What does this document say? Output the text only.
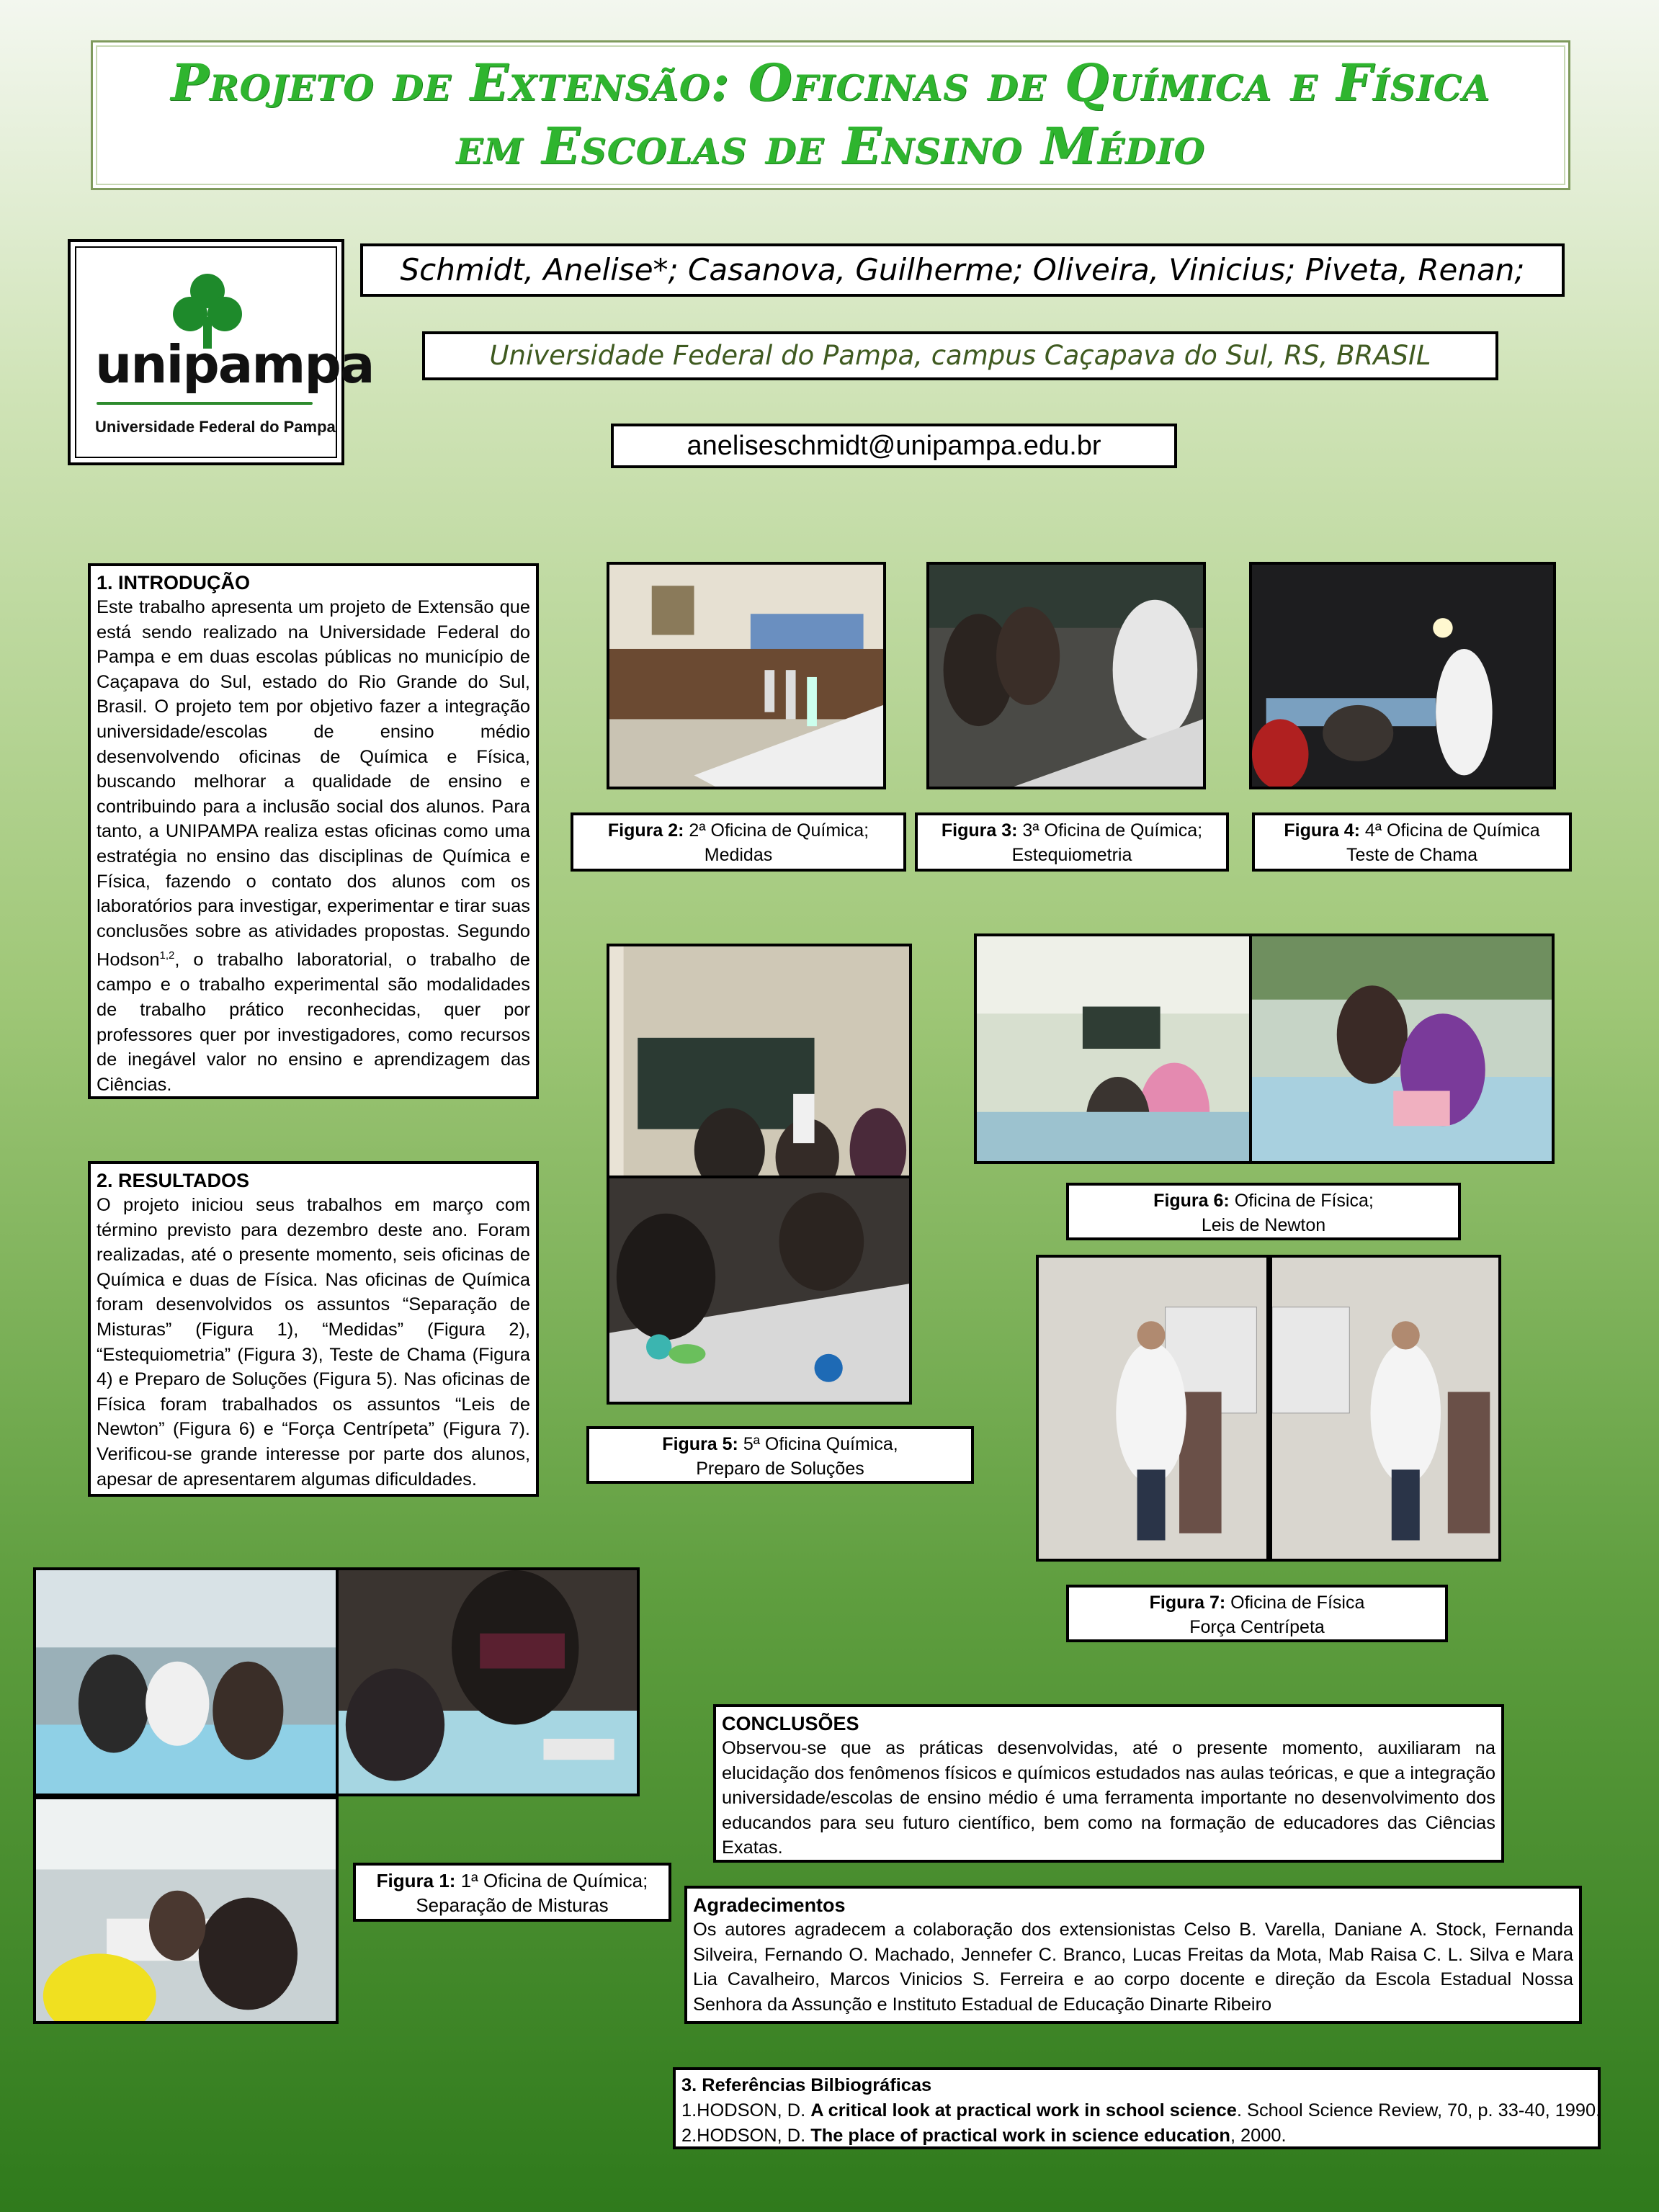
Projeto de Extensão: Oficinas de Química e Física
em Escolas de Ensino Médio
unipampa
Universidade Federal do Pampa
Schmidt, Anelise*; Casanova, Guilherme; Oliveira, Vinicius; Piveta, Renan;
Universidade Federal do Pampa, campus Caçapava do Sul, RS, BRASIL
aneliseschmidt@unipampa.edu.br
1. INTRODUÇÃO

Este trabalho apresenta um projeto de Extensão que está sendo realizado na Universidade Federal do Pampa e em duas escolas públicas no município de Caçapava do Sul, estado do Rio Grande do Sul, Brasil. O projeto tem por objetivo fazer a integração universidade/escolas de ensino médio desenvolvendo oficinas de Química e Física, buscando melhorar a qualidade de ensino e contribuindo para a inclusão social dos alunos. Para tanto, a UNIPAMPA realiza estas oficinas como uma estratégia no ensino das disciplinas de Química e Física, fazendo o contato dos alunos com os laboratórios para investigar, experimentar e tirar suas conclusões sobre as atividades propostas. Segundo Hodson$^{1,2}$, o trabalho laboratorial, o trabalho de campo e o trabalho experimental são modalidades de trabalho prático reconhecidas, quer por professores quer por investigadores, como recursos de inegável valor no ensino e aprendizagem das Ciências.

2. RESULTADOS

O projeto iniciou seus trabalhos em março com término previsto para dezembro deste ano. Foram realizadas, até o presente momento, seis oficinas de Química e duas de Física. Nas oficinas de Química foram desenvolvidos os assuntos “Separação de Misturas” (Figura 1), “Medidas” (Figura 2), “Estequiometria” (Figura 3), Teste de Chama (Figura 4) e Preparo de Soluções (Figura 5). Nas oficinas de Física foram trabalhados os assuntos “Leis de Newton” (Figura 6) e “Força Centrípeta” (Figura 7). Verificou-se grande interesse por parte dos alunos, apesar de apresentarem algumas dificuldades.

Figura 2: 2ª Oficina de Química;
Medidas
Figura 3: 3ª Oficina de Química;
Estequiometria
Figura 4: 4ª Oficina de Química
Teste de Chama
Figura 5: 5ª Oficina Química,
Preparo de Soluções
Figura 6: Oficina de Física;
Leis de Newton
Figura 7: Oficina de Física
Força Centrípeta
Figura 1: 1ª Oficina de Química;
Separação de Misturas
CONCLUSÕES

Observou-se que as práticas desenvolvidas, até o presente momento, auxiliaram na elucidação dos fenômenos físicos e químicos estudados nas aulas teóricas, e que a integração universidade/escolas de ensino médio é uma ferramenta importante no desenvolvimento dos educandos para seu futuro científico, bem como na formação de educadores das Ciências Exatas.

Agradecimentos

Os autores agradecem a colaboração dos extensionistas Celso B. Varella, Daniane A. Stock, Fernanda Silveira, Fernando O. Machado, Jennefer C. Branco, Lucas Freitas da Mota, Mab Raisa C. L. Silva e Mara Lia Cavalheiro, Marcos Vinicios S. Ferreira e ao corpo docente e direção da Escola Estadual Nossa Senhora da Assunção e Instituto Estadual de Educação Dinarte Ribeiro

3. Referências Bilbiográficas
1.HODSON, D. A critical look at practical work in school science. School Science Review, 70, p. 33-40, 1990.
2.HODSON, D. The place of practical work in science education, 2000.
